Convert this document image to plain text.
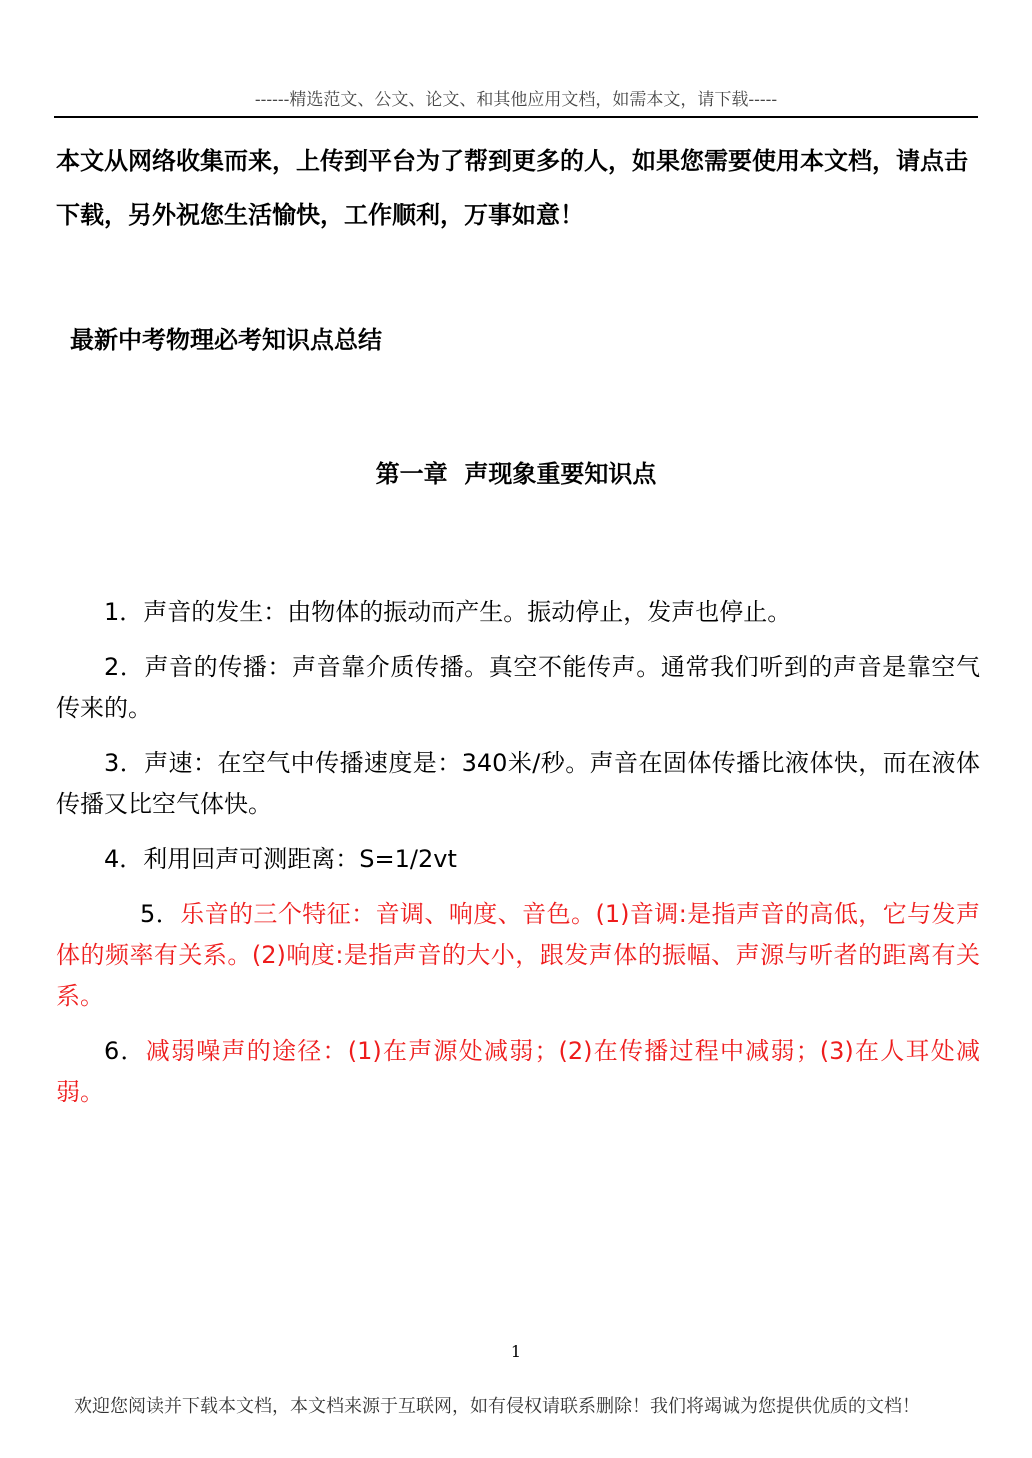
------精选范文、公文、论文、和其他应用文档，如需本文，请下载-----
本文从网络收集而来，上传到平台为了帮到更多的人，如果您需要使用本文档，请点击下载，另外祝您生活愉快，工作顺利，万事如意！
最新中考物理必考知识点总结
第一章  声现象重要知识点

1．声音的发生：由物体的振动而产生。振动停止，发声也停止。

2．声音的传播：声音靠介质传播。真空不能传声。通常我们听到的声音是靠空气传来的。

3．声速：在空气中传播速度是：340米/秒。声音在固体传播比液体快，而在液体传播又比空气体快。

4．利用回声可测距离：S=1/2vt

5．乐音的三个特征：音调、响度、音色。(1)音调:是指声音的高低，它与发声体的频率有关系。(2)响度:是指声音的大小，跟发声体的振幅、声源与听者的距离有关系。

6．减弱噪声的途径：(1)在声源处减弱；(2)在传播过程中减弱；(3)在人耳处减弱。

1
欢迎您阅读并下载本文档，本文档来源于互联网，如有侵权请联系删除！我们将竭诚为您提供优质的文档！
